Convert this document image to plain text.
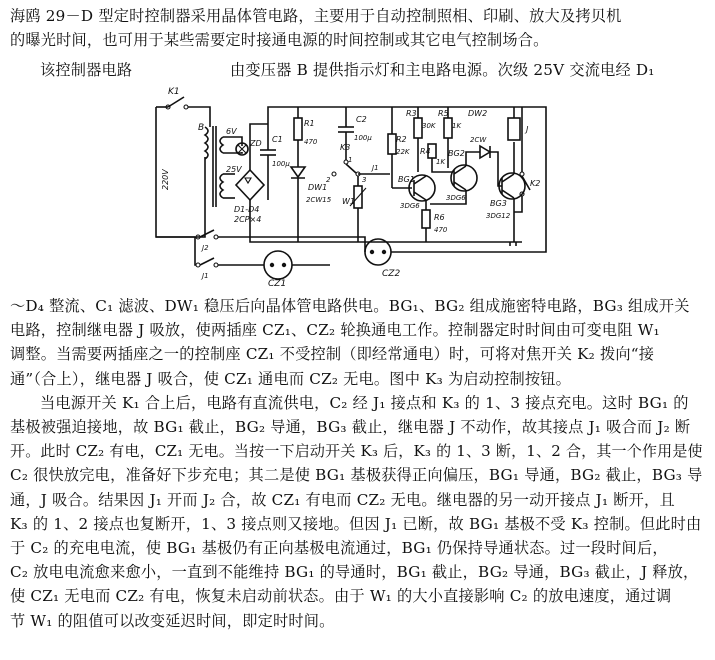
海鸥 29－D 型定时控制器采用晶体管电路，主要用于自动控制照相、印刷、放大及拷贝机
的曝光时间，也可用于某些需要定时接通电源的时间控制或其它电气控制场合。
该控制器电路	由变压器 B 提供指示灯和主电路电源。次级 25V 交流电经 D₁
K1
B
220V
6V
ZD
25V
D1-D4
2CP×4
C1
100μ
R1
470
DW1
2CW15
C2
100μ
K3
1
2	3
J1
W1
R2
22K
R3
30K
R5
1K
R4
1K
BG1
3DG6
R6
470
BG2
3DG6
DW2
2CW
BG3
3DG12
J
K2
J2
J1
CZ1
CZ2
～D₄ 整流、C₁ 滤波、DW₁ 稳压后向晶体管电路供电。BG₁、BG₂ 组成施密特电路，BG₃ 组成开关
电路，控制继电器 J 吸放，使两插座 CZ₁、CZ₂ 轮换通电工作。控制器定时时间由可变电阻 W₁
调整。当需要两插座之一的控制座 CZ₁ 不受控制（即经常通电）时，可将对焦开关 K₂ 拨向“接
通”（合上），继电器 J 吸合，使 CZ₁ 通电而 CZ₂ 无电。图中 K₃ 为启动控制按钮。
当电源开关 K₁ 合上后，电路有直流供电，C₂ 经 J₁ 接点和 K₃ 的 1、3 接点充电。这时 BG₁ 的
基极被强迫接地，故 BG₁ 截止，BG₂ 导通，BG₃ 截止，继电器 J 不动作，故其接点 J₁ 吸合而 J₂ 断
开。此时 CZ₂ 有电，CZ₁ 无电。当按一下启动开关 K₃ 后，K₃ 的 1、3 断，1、2 合，其一个作用是使
C₂ 很快放完电，准备好下步充电；其二是使 BG₁ 基极获得正向偏压，BG₁ 导通，BG₂ 截止，BG₃ 导
通，J 吸合。结果因 J₁ 开而 J₂ 合，故 CZ₁ 有电而 CZ₂ 无电。继电器的另一动开接点 J₁ 断开，且
K₃ 的 1、2 接点也复断开，1、3 接点则又接地。但因 J₁ 已断，故 BG₁ 基极不受 K₃ 控制。但此时由
于 C₂ 的充电电流，使 BG₁ 基极仍有正向基极电流通过，BG₁ 仍保持导通状态。过一段时间后，
C₂ 放电电流愈来愈小，一直到不能维持 BG₁ 的导通时，BG₁ 截止，BG₂ 导通，BG₃ 截止，J 释放，
使 CZ₁ 无电而 CZ₂ 有电，恢复未启动前状态。由于 W₁ 的大小直接影响 C₂ 的放电速度，通过调
节 W₁ 的阻值可以改变延迟时间，即定时时间。
